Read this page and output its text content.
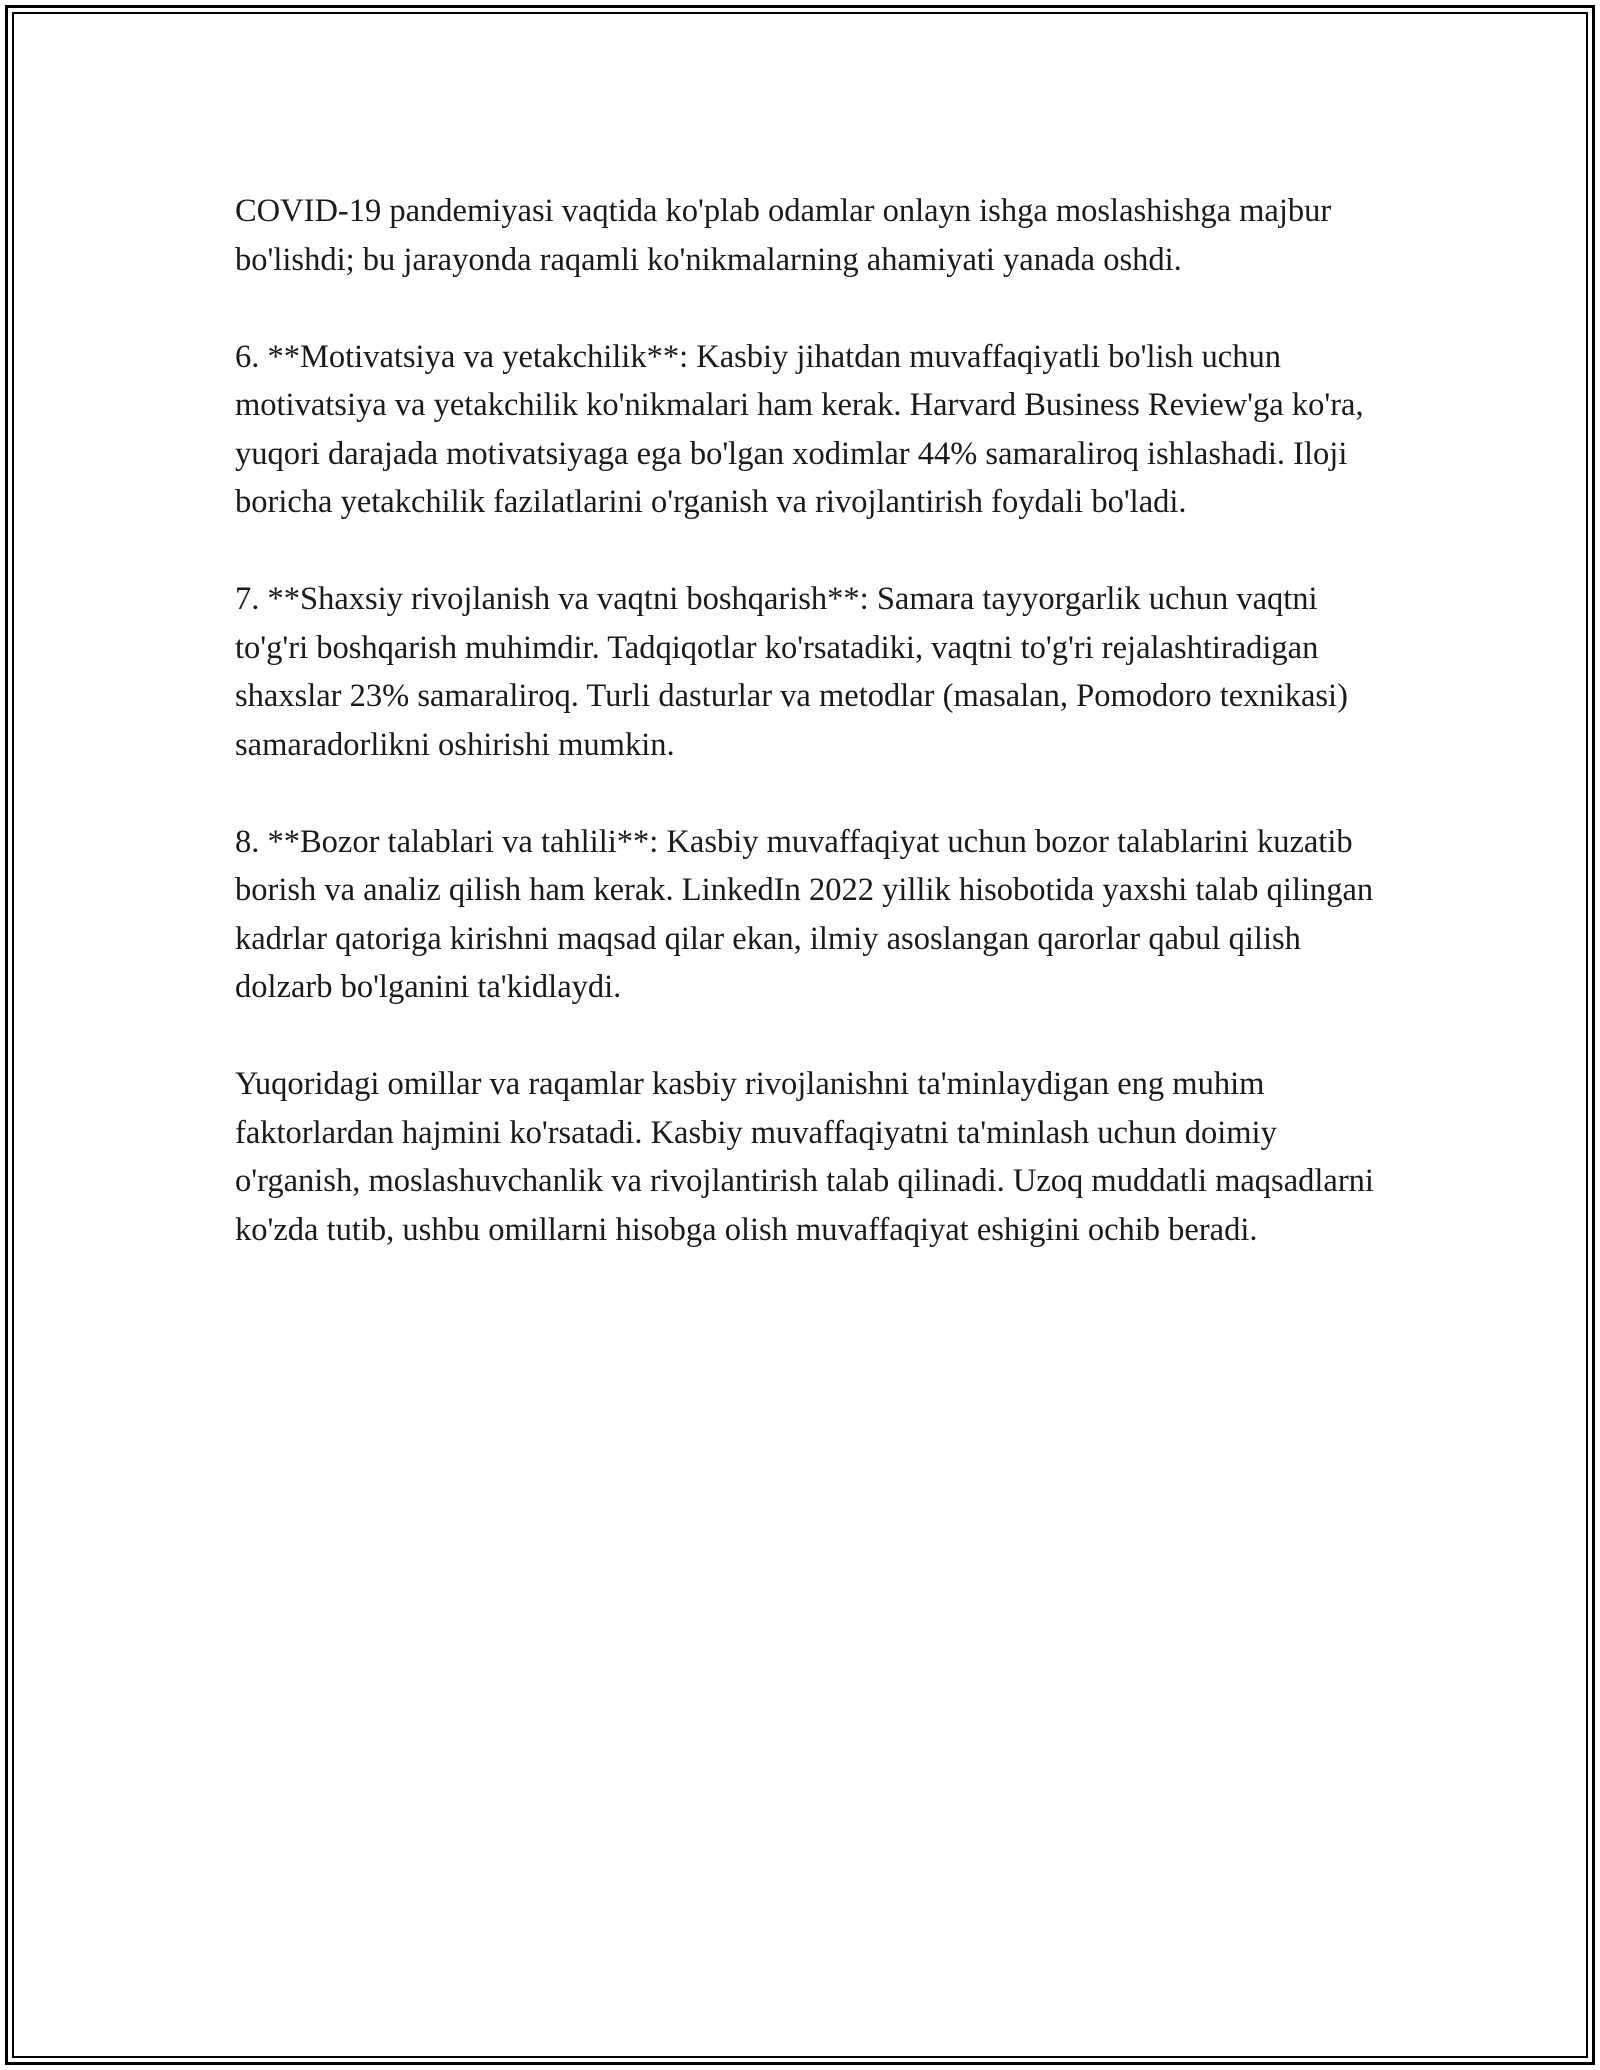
COVID-19 pandemiyasi vaqtida ko'plab odamlar onlayn ishga moslashishga majbur bo'lishdi; bu jarayonda raqamli ko'nikmalarning ahamiyati yanada oshdi.

6. **Motivatsiya va yetakchilik**: Kasbiy jihatdan muvaffaqiyatli bo'lish uchun motivatsiya va yetakchilik ko'nikmalari ham kerak. Harvard Business Review'ga ko'ra, yuqori darajada motivatsiyaga ega bo'lgan xodimlar 44% samaraliroq ishlashadi. Iloji boricha yetakchilik fazilatlarini o'rganish va rivojlantirish foydali bo'ladi.

7. **Shaxsiy rivojlanish va vaqtni boshqarish**: Samara tayyorgarlik uchun vaqtni to'g'ri boshqarish muhimdir. Tadqiqotlar ko'rsatadiki, vaqtni to'g'ri rejalashtiradigan shaxslar 23% samaraliroq. Turli dasturlar va metodlar (masalan, Pomodoro texnikasi) samaradorlikni oshirishi mumkin.

8. **Bozor talablari va tahlili**: Kasbiy muvaffaqiyat uchun bozor talablarini kuzatib borish va analiz qilish ham kerak. LinkedIn 2022 yillik hisobotida yaxshi talab qilingan kadrlar qatoriga kirishni maqsad qilar ekan, ilmiy asoslangan qarorlar qabul qilish dolzarb bo'lganini ta'kidlaydi.

Yuqoridagi omillar va raqamlar kasbiy rivojlanishni ta'minlaydigan eng muhim faktorlardan hajmini ko'rsatadi. Kasbiy muvaffaqiyatni ta'minlash uchun doimiy o'rganish, moslashuvchanlik va rivojlantirish talab qilinadi. Uzoq muddatli maqsadlarni ko'zda tutib, ushbu omillarni hisobga olish muvaffaqiyat eshigini ochib beradi.
